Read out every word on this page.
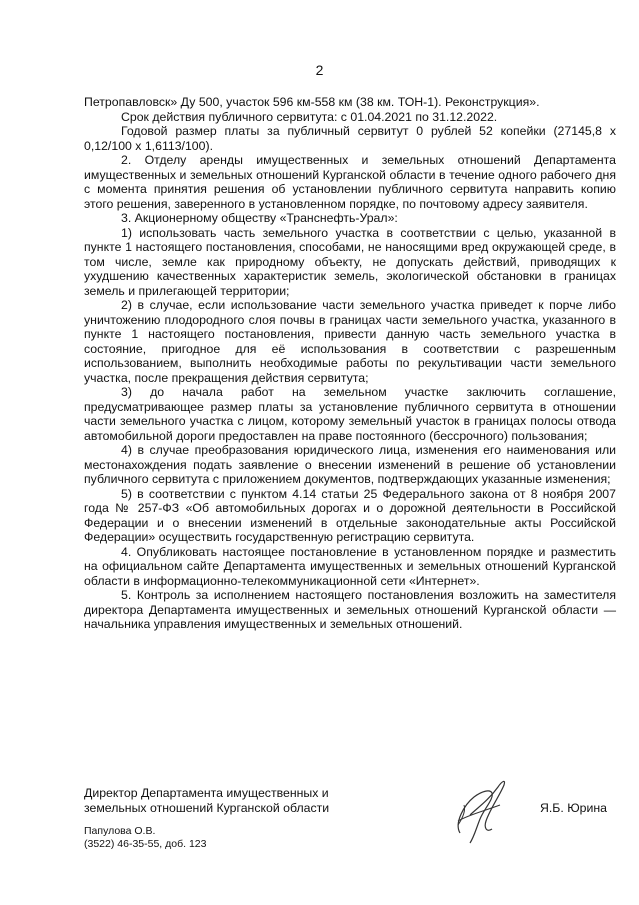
2

Петропавловск» Ду 500, участок 596 км-558 км (38 км. ТОН-1). Реконструкция».

Срок действия публичного сервитута: с 01.04.2021 по 31.12.2022.

Годовой размер платы за публичный сервитут 0 рублей 52 копейки (27145,8 х 0,12/100 х 1,6113/100).

2. Отделу аренды имущественных и земельных отношений Департамента имущественных и земельных отношений Курганской области в течение одного рабочего дня с момента принятия решения об установлении публичного сервитута направить копию этого решения, заверенного в установленном порядке, по почтовому адресу заявителя.

3. Акционерному обществу «Транснефть-Урал»:

1) использовать часть земельного участка в соответствии с целью, указанной в пункте 1 настоящего постановления, способами, не наносящими вред окружающей среде, в том числе, земле как природному объекту, не допускать действий, приводящих к ухудшению качественных характеристик земель, экологической обстановки в границах земель и прилегающей территории;

2) в случае, если использование части земельного участка приведет к порче либо уничтожению плодородного слоя почвы в границах части земельного участка, указанного в пункте 1 настоящего постановления, привести данную часть земельного участка в состояние, пригодное для её использования в соответствии с разрешенным использованием, выполнить необходимые работы по рекультивации части земельного участка, после прекращения действия сервитута;

3) до начала работ на земельном участке заключить соглашение, предусматривающее размер платы за установление публичного сервитута в отношении части земельного участка с лицом, которому земельный участок в границах полосы отвода автомобильной дороги предоставлен на праве постоянного (бессрочного) пользования;

4) в случае преобразования юридического лица, изменения его наименования или местонахождения подать заявление о внесении изменений в решение об установлении публичного сервитута с приложением документов, подтверждающих указанные изменения;

5) в соответствии с пунктом 4.14 статьи 25 Федерального закона от 8 ноября 2007 года № 257-ФЗ «Об автомобильных дорогах и о дорожной деятельности в Российской Федерации и о внесении изменений в отдельные законодательные акты Российской Федерации» осуществить государственную регистрацию сервитута.

4. Опубликовать настоящее постановление в установленном порядке и разместить на официальном сайте Департамента имущественных и земельных отношений Курганской области в информационно-телекоммуникационной сети «Интернет».

5. Контроль за исполнением настоящего постановления возложить на заместителя директора Департамента имущественных и земельных отношений Курганской области — начальника управления имущественных и земельных отношений.

Директор Департамента имущественных и
земельных отношений Курганской области	Я.Б. Юрина
Папулова О.В.
(3522) 46-35-55, доб. 123
